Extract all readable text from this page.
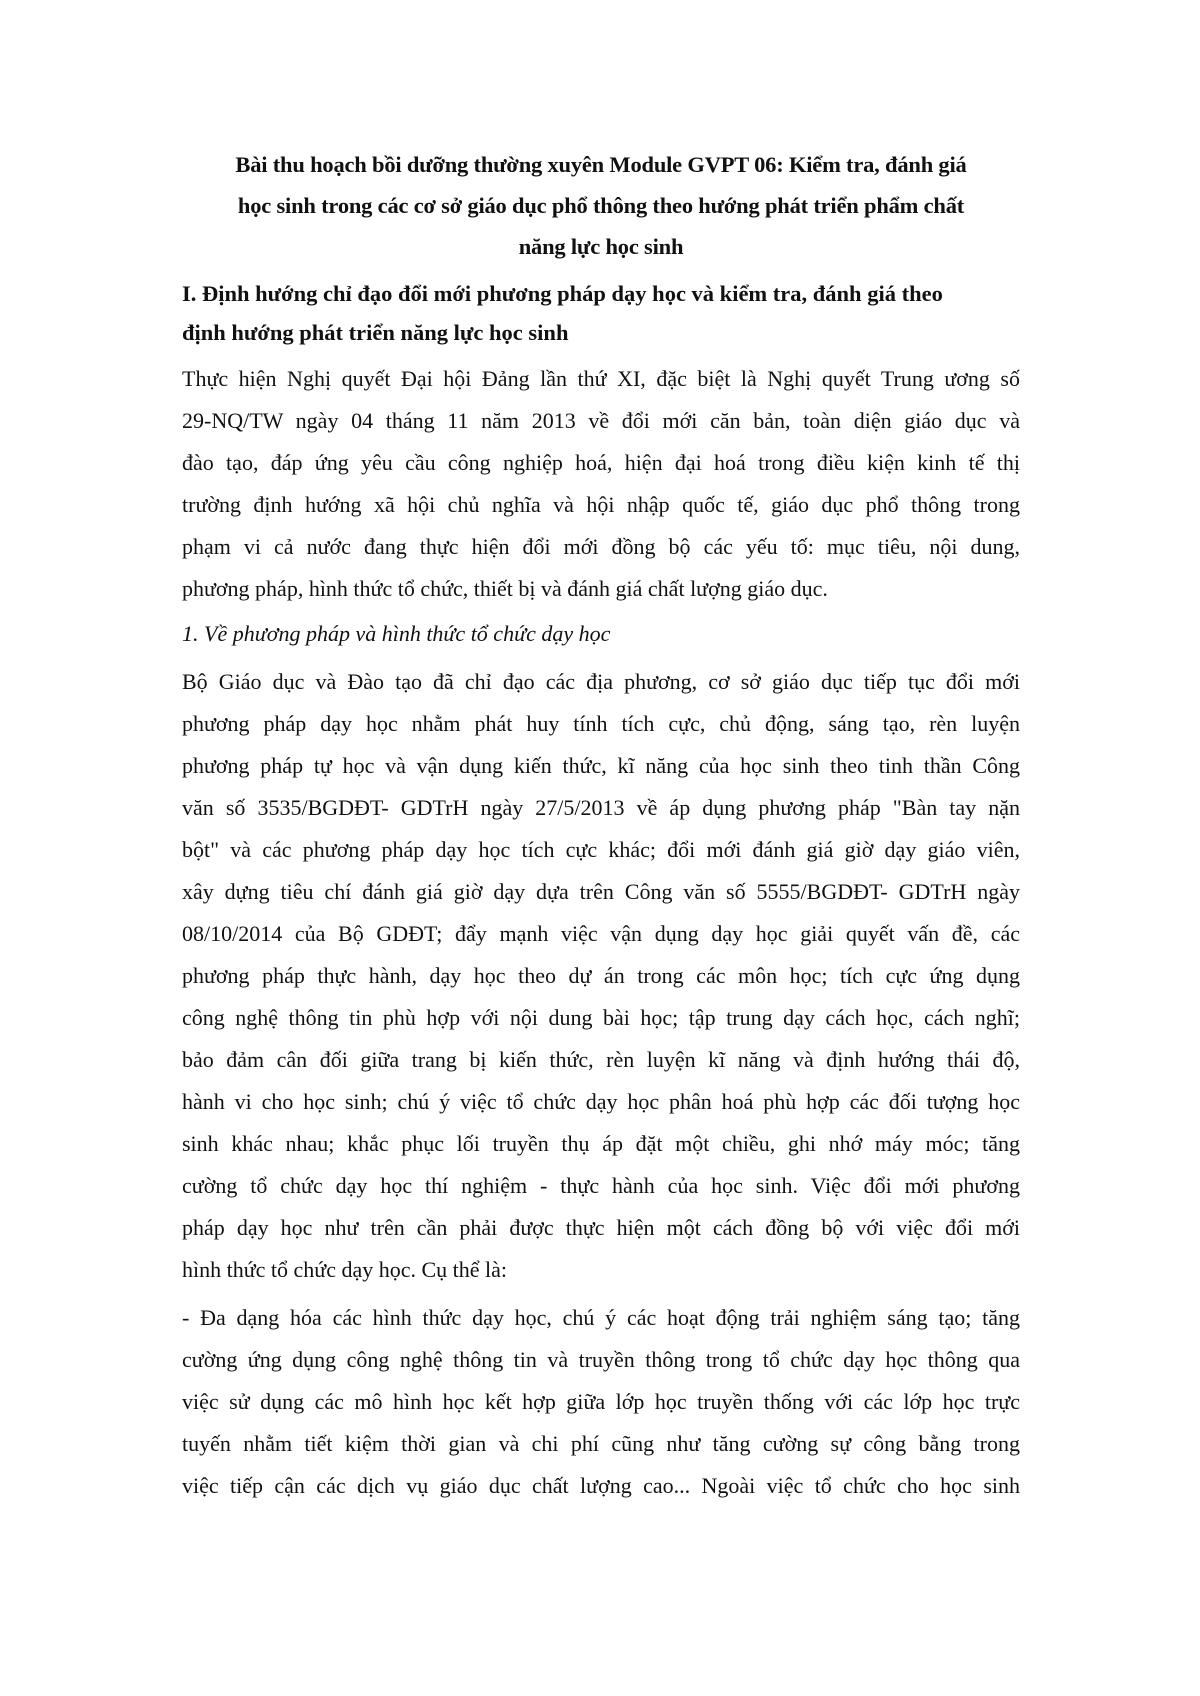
Bài thu hoạch bồi dưỡng thường xuyên Module GVPT 06: Kiểm tra, đánh giá
học sinh trong các cơ sở giáo dục phổ thông theo hướng phát triển phẩm chất
năng lực học sinh
I. Định hướng chỉ đạo đổi mới phương pháp dạy học và kiểm tra, đánh giá theo
định hướng phát triển năng lực học sinh

Thực hiện Nghị quyết Đại hội Đảng lần thứ XI, đặc biệt là Nghị quyết Trung ương số
29-NQ/TW ngày 04 tháng 11 năm 2013 về đổi mới căn bản, toàn diện giáo dục và
đào tạo, đáp ứng yêu cầu công nghiệp hoá, hiện đại hoá trong điều kiện kinh tế thị
trường định hướng xã hội chủ nghĩa và hội nhập quốc tế, giáo dục phổ thông trong
phạm vi cả nước đang thực hiện đổi mới đồng bộ các yếu tố: mục tiêu, nội dung,
phương pháp, hình thức tổ chức, thiết bị và đánh giá chất lượng giáo dục.

1. Về phương pháp và hình thức tổ chức dạy học

Bộ Giáo dục và Đào tạo đã chỉ đạo các địa phương, cơ sở giáo dục tiếp tục đổi mới
phương pháp dạy học nhằm phát huy tính tích cực, chủ động, sáng tạo, rèn luyện
phương pháp tự học và vận dụng kiến thức, kĩ năng của học sinh theo tinh thần Công
văn số 3535/BGDĐT- GDTrH ngày 27/5/2013 về áp dụng phương pháp "Bàn tay nặn
bột" và các phương pháp dạy học tích cực khác; đổi mới đánh giá giờ dạy giáo viên,
xây dựng tiêu chí đánh giá giờ dạy dựa trên Công văn số 5555/BGDĐT- GDTrH ngày
08/10/2014 của Bộ GDĐT; đẩy mạnh việc vận dụng dạy học giải quyết vấn đề, các
phương pháp thực hành, dạy học theo dự án trong các môn học; tích cực ứng dụng
công nghệ thông tin phù hợp với nội dung bài học; tập trung dạy cách học, cách nghĩ;
bảo đảm cân đối giữa trang bị kiến thức, rèn luyện kĩ năng và định hướng thái độ,
hành vi cho học sinh; chú ý việc tổ chức dạy học phân hoá phù hợp các đối tượng học
sinh khác nhau; khắc phục lối truyền thụ áp đặt một chiều, ghi nhớ máy móc; tăng
cường tổ chức dạy học thí nghiệm - thực hành của học sinh. Việc đổi mới phương
pháp dạy học như trên cần phải được thực hiện một cách đồng bộ với việc đổi mới
hình thức tổ chức dạy học. Cụ thể là:

- Đa dạng hóa các hình thức dạy học, chú ý các hoạt động trải nghiệm sáng tạo; tăng
cường ứng dụng công nghệ thông tin và truyền thông trong tổ chức dạy học thông qua
việc sử dụng các mô hình học kết hợp giữa lớp học truyền thống với các lớp học trực
tuyến nhằm tiết kiệm thời gian và chi phí cũng như tăng cường sự công bằng trong
việc tiếp cận các dịch vụ giáo dục chất lượng cao... Ngoài việc tổ chức cho học sinh
